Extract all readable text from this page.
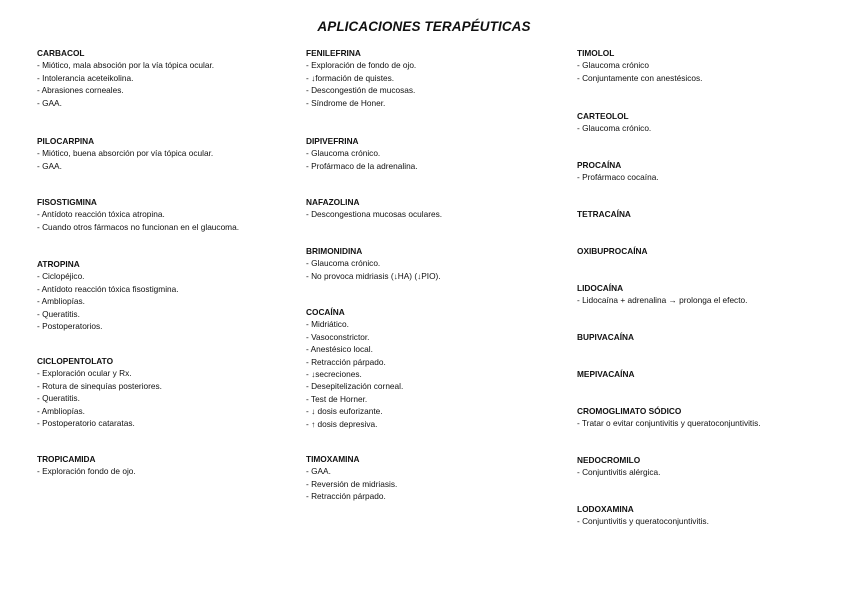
APLICACIONES TERAPÉUTICAS
CARBACOL
- Miótico, mala absoción por la vía tópica ocular.
- Intolerancia aceteikolina.
- Abrasiones corneales.
- GAA.
PILOCARPINA
- Miótico, buena absorción por vía tópica ocular.
- GAA.
FISOSTIGMINA
- Antídoto reacción tóxica atropina.
- Cuando otros fármacos no funcionan en el glaucoma.
ATROPINA
- Ciclopéjico.
- Antídoto reacción tóxica fisostigmina.
- Ambliopías.
- Queratitis.
- Postoperatorios.
CICLOPENTOLATO
- Exploración ocular y Rx.
- Rotura de sinequías posteriores.
- Queratitis.
- Ambliopías.
- Postoperatorio cataratas.
TROPICAMIDA
- Exploración fondo de ojo.
FENILEFRINA
- Exploración de fondo de ojo.
- ↓formación de quistes.
- Descongestión de mucosas.
- Síndrome de Honer.
DIPIVEFRINA
- Glaucoma crónico.
- Profármaco de la adrenalina.
NAFAZOLINA
- Descongestiona mucosas oculares.
BRIMONIDINA
- Glaucoma crónico.
- No provoca midriasis (↓HA) (↓PIO).
COCAÍNA
- Midriático.
- Vasoconstrictor.
- Anestésico local.
- Retracción párpado.
- ↓secreciones.
- Desepitelización corneal.
- Test de Horner.
- ↓ dosis euforizante.
- ↑ dosis depresiva.
TIMOXAMINA
- GAA.
- Reversión de midriasis.
- Retracción párpado.
TIMOLOL
- Glaucoma crónico
- Conjuntamente con anestésicos.
CARTEOLOL
- Glaucoma crónico.
PROCAÍNA
- Profármaco cocaína.
TETRACAÍNA
OXIBUPROCAÍNA
LIDOCAÍNA
- Lidocaína + adrenalina → prolonga el efecto.
BUPIVACAÍNA
MEPIVACAÍNA
CROMOGLIMATO SÓDICO
- Tratar o evitar conjuntivitis y queratoconjuntivitis.
NEDOCROMILO
- Conjuntivitis alérgica.
LODOXAMINA
- Conjuntivitis y queratoconjuntivitis.
